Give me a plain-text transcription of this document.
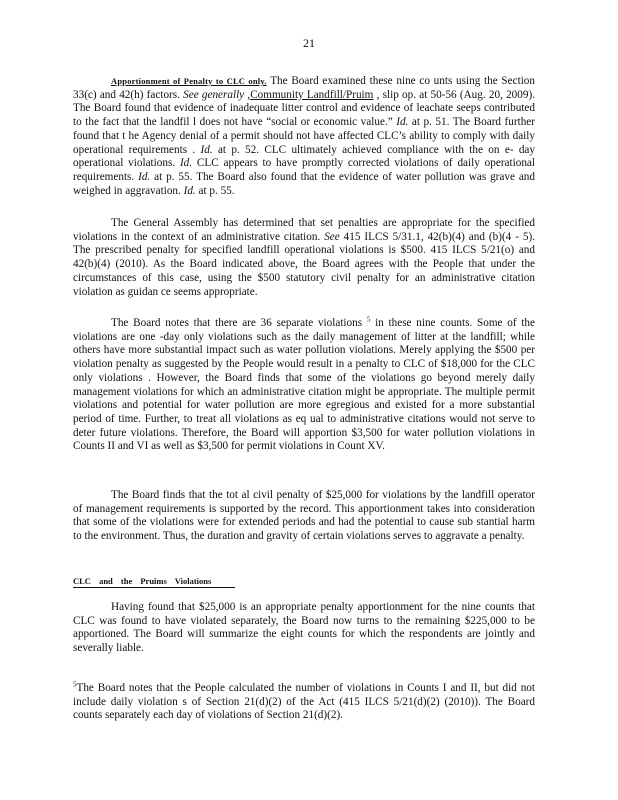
21

Apportionment of Penalty to CLC only. The Board examined these nine co unts using the Section 33(c) and 42(h) factors. See generally ,Community Landfill/Pruim , slip op. at 50-56 (Aug. 20, 2009). The Board found that evidence of inadequate litter control and evidence of leachate seeps contributed to the fact that the landfil l does not have “social or economic value.” Id. at p. 51. The Board further found that t he Agency denial of a permit should not have affected CLC’s ability to comply with daily operational requirements . Id. at p. 52. CLC ultimately achieved compliance with the on e- day operational violations. Id. CLC appears to have promptly corrected violations of daily operational requirements. Id. at p. 55. The Board also found that the evidence of water pollution was grave and weighed in aggravation. Id. at p. 55.

The General Assembly has determined that set penalties are appropriate for the specified violations in the context of an administrative citation. See 415 ILCS 5/31.1, 42(b)(4) and (b)(4 - 5). The prescribed penalty for specified landfill operational violations is $500. 415 ILCS 5/21(o) and 42(b)(4) (2010). As the Board indicated above, the Board agrees with the People that under the circumstances of this case, using the $500 statutory civil penalty for an administrative citation violation as guidan ce seems appropriate.

The Board notes that there are 36 separate violations $^5$ in these nine counts. Some of the violations are one -day only violations such as the daily management of litter at the landfill; while others have more substantial impact such as water pollution violations. Merely applying the $500 per violation penalty as suggested by the People would result in a penalty to CLC of $18,000 for the CLC only violations . However, the Board finds that some of the violations go beyond merely daily management violations for which an administrative citation might be appropriate. The multiple permit violations and potential for water pollution are more egregious and existed for a more substantial period of time. Further, to treat all violations as eq ual to administrative citations would not serve to deter future violations. Therefore, the Board will apportion $3,500 for water pollution violations in Counts II and VI as well as $3,500 for permit violations in Count XV.

The Board finds that the tot al civil penalty of $25,000 for violations by the landfill operator of management requirements is supported by the record. This apportionment takes into consideration that some of the violations were for extended periods and had the potential to cause sub stantial harm to the environment. Thus, the duration and gravity of certain violations serves to aggravate a penalty.

CLC and the Pruims Violations

Having found that $25,000 is an appropriate penalty apportionment for the nine counts that CLC was found to have violated separately, the Board now turns to the remaining $225,000 to be apportioned. The Board will summarize the eight counts for which the respondents are jointly and severally liable.

$^5$The Board notes that the People calculated the number of violations in Counts I and II, but did not include daily violation s of Section 21(d)(2) of the Act (415 ILCS 5/21(d)(2) (2010)). The Board counts separately each day of violations of Section 21(d)(2).
